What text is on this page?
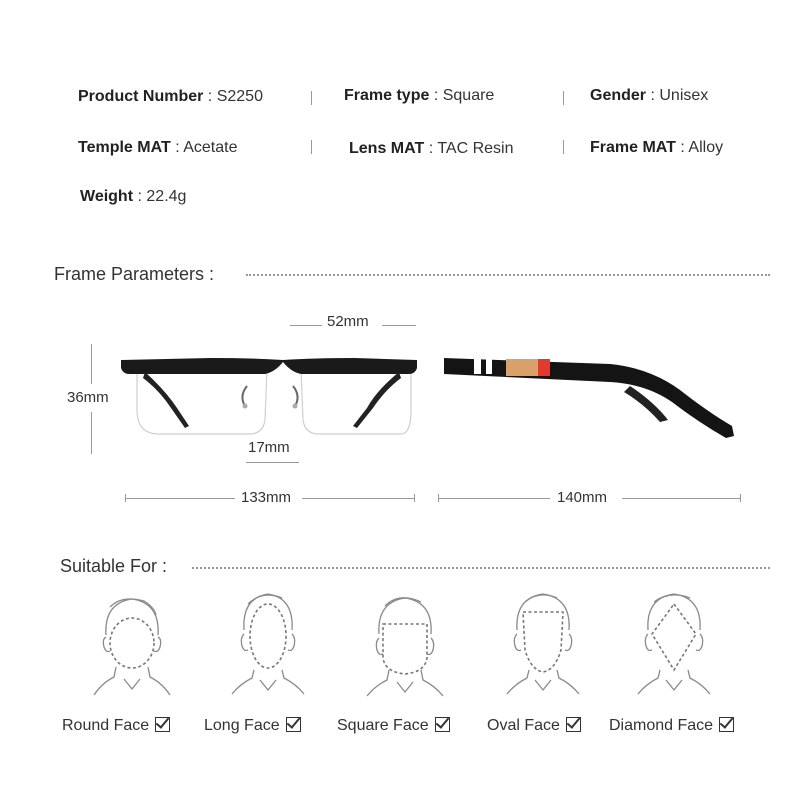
Product Number : S2250	Frame type : Square	Gender : Unisex
Temple MAT : Acetate	Lens MAT : TAC Resin	Frame MAT : Alloy
Weight : 22.4g
Frame Parameters :
52mm
36mm
17mm
133mm	140mm
Suitable For :
Round Face	Long Face	Square Face	Oval Face	Diamond Face
